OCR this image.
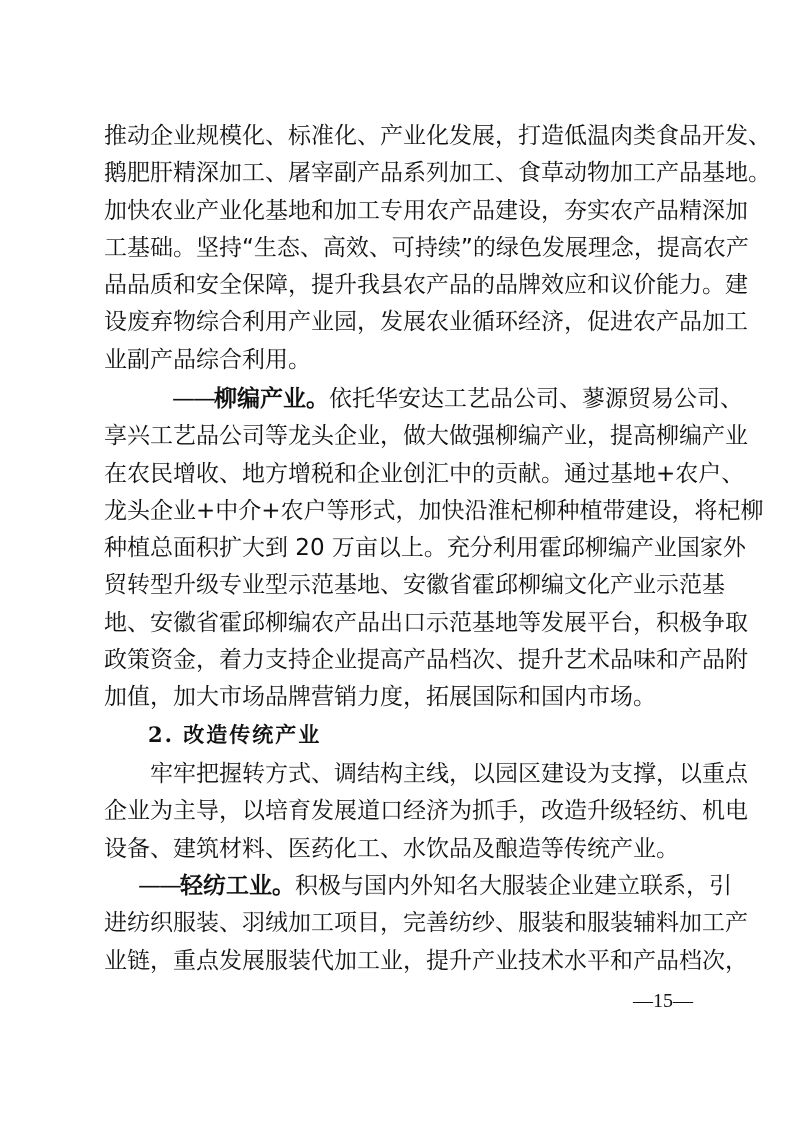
推动企业规模化、标准化、产业化发展，打造低温肉类食品开发、
鹅肥肝精深加工、屠宰副产品系列加工、食草动物加工产品基地。
加快农业产业化基地和加工专用农产品建设，夯实农产品精深加
工基础。坚持“生态、高效、可持续”的绿色发展理念，提高农产
品品质和安全保障，提升我县农产品的品牌效应和议价能力。建
设废弃物综合利用产业园，发展农业循环经济，促进农产品加工
业副产品综合利用。
——柳编产业。依托华安达工艺品公司、蓼源贸易公司、
享兴工艺品公司等龙头企业，做大做强柳编产业，提高柳编产业
在农民增收、地方增税和企业创汇中的贡献。通过基地+农户、
龙头企业+中介+农户等形式，加快沿淮杞柳种植带建设，将杞柳
种植总面积扩大到 20 万亩以上。充分利用霍邱柳编产业国家外
贸转型升级专业型示范基地、安徽省霍邱柳编文化产业示范基
地、安徽省霍邱柳编农产品出口示范基地等发展平台，积极争取
政策资金，着力支持企业提高产品档次、提升艺术品味和产品附
加值，加大市场品牌营销力度，拓展国际和国内市场。
2. 改造传统产业
牢牢把握转方式、调结构主线，以园区建设为支撑，以重点
企业为主导，以培育发展道口经济为抓手，改造升级轻纺、机电
设备、建筑材料、医药化工、水饮品及酿造等传统产业。
——轻纺工业。积极与国内外知名大服装企业建立联系，引
进纺织服装、羽绒加工项目，完善纺纱、服装和服装辅料加工产
业链，重点发展服装代加工业，提升产业技术水平和产品档次，
—15—
